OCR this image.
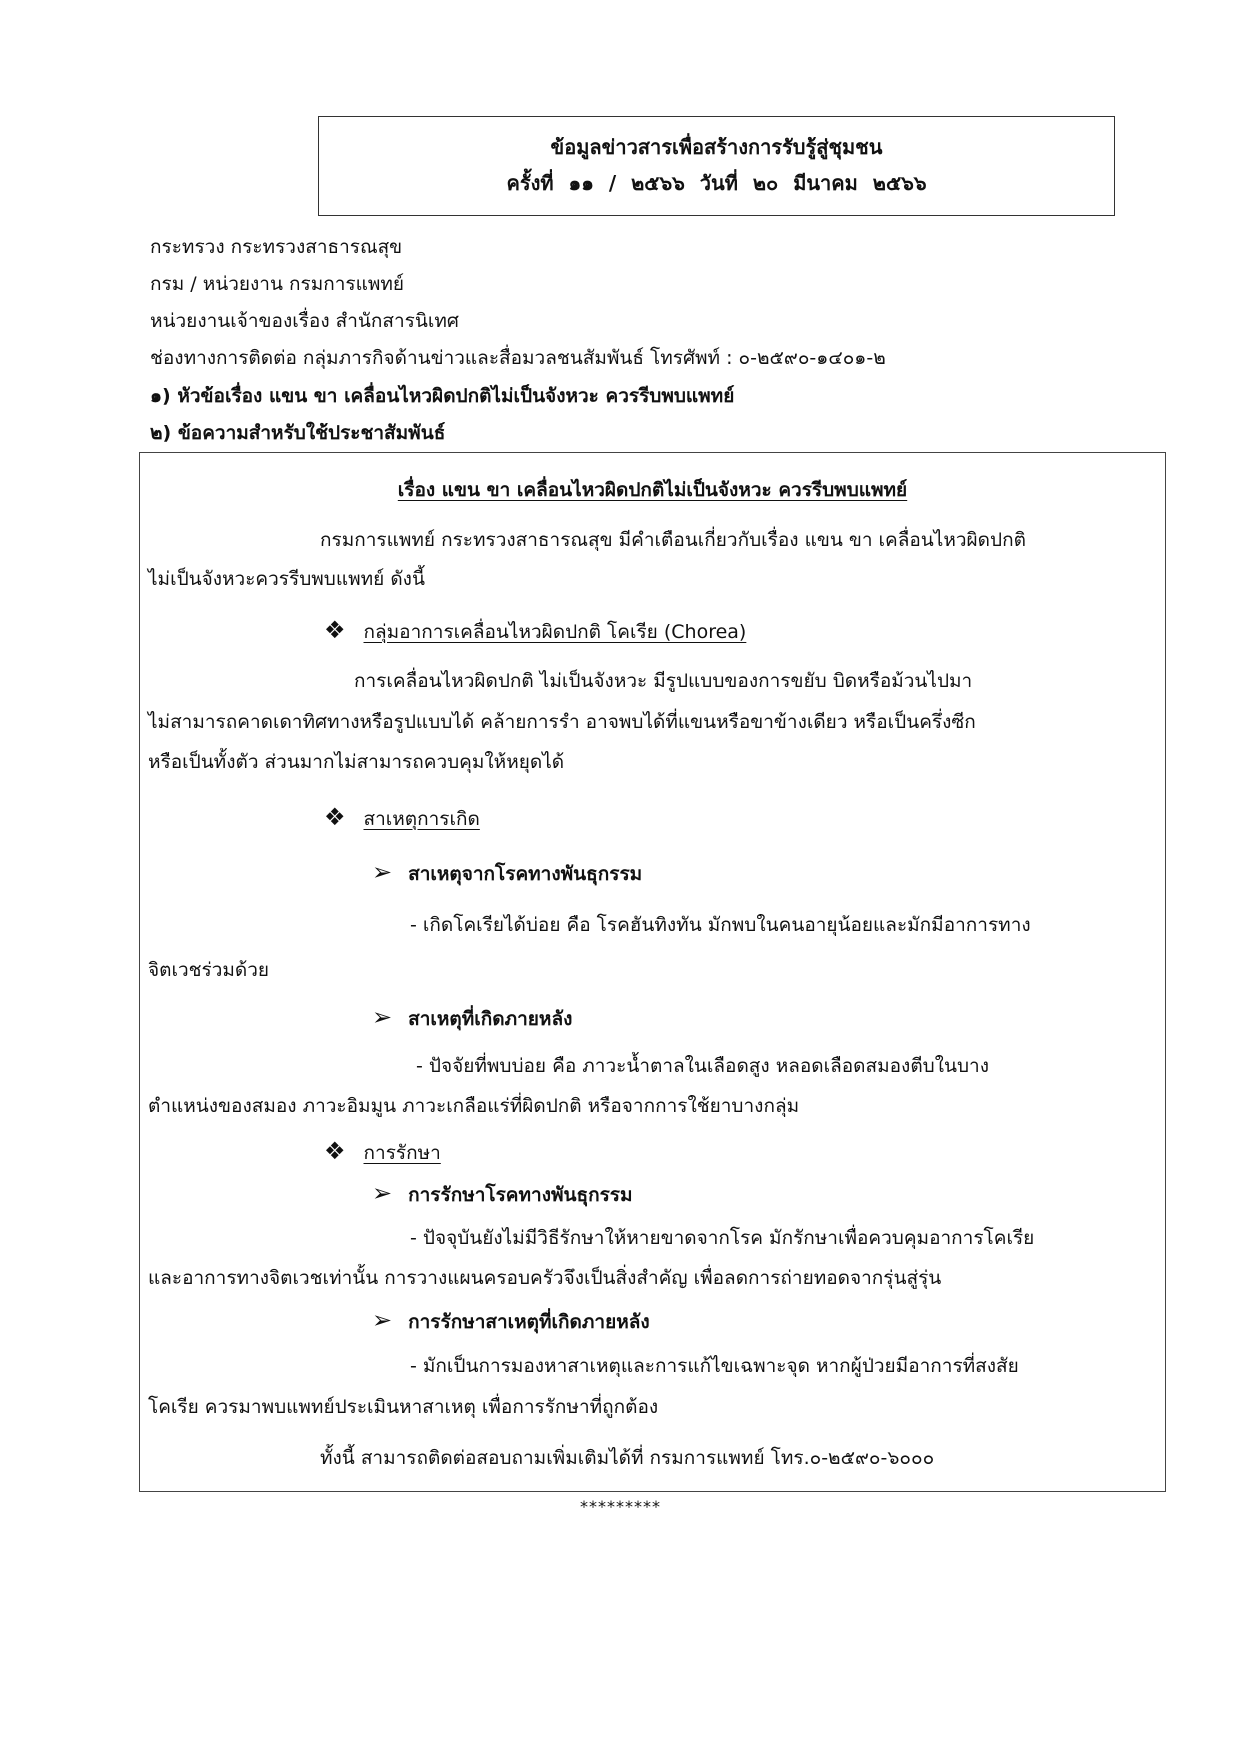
ข้อมูลข่าวสารเพื่อสร้างการรับรู้สู่ชุมชน
ครั้งที่ ๑๑ / ๒๕๖๖ วันที่ ๒๐ มีนาคม ๒๕๖๖
กระทรวง กระทรวงสาธารณสุข
กรม / หน่วยงาน กรมการแพทย์
หน่วยงานเจ้าของเรื่อง สำนักสารนิเทศ
ช่องทางการติดต่อ กลุ่มภารกิจด้านข่าวและสื่อมวลชนสัมพันธ์ โทรศัพท์ : ๐-๒๕๙๐-๑๔๐๑-๒
๑) หัวข้อเรื่อง แขน ขา เคลื่อนไหวผิดปกติไม่เป็นจังหวะ ควรรีบพบแพทย์
๒) ข้อความสำหรับใช้ประชาสัมพันธ์
เรื่อง แขน ขา เคลื่อนไหวผิดปกติไม่เป็นจังหวะ ควรรีบพบแพทย์
กรมการแพทย์ กระทรวงสาธารณสุข มีคำเตือนเกี่ยวกับเรื่อง แขน ขา เคลื่อนไหวผิดปกติ
ไม่เป็นจังหวะควรรีบพบแพทย์ ดังนี้
❖ กลุ่มอาการเคลื่อนไหวผิดปกติ โคเรีย (Chorea)
การเคลื่อนไหวผิดปกติ ไม่เป็นจังหวะ มีรูปแบบของการขยับ บิดหรือม้วนไปมา
ไม่สามารถคาดเดาทิศทางหรือรูปแบบได้ คล้ายการรำ อาจพบได้ที่แขนหรือขาข้างเดียว หรือเป็นครึ่งซีก
หรือเป็นทั้งตัว ส่วนมากไม่สามารถควบคุมให้หยุดได้
❖ สาเหตุการเกิด
➢ สาเหตุจากโรคทางพันธุกรรม
- เกิดโคเรียได้บ่อย คือ โรคฮันทิงทัน มักพบในคนอายุน้อยและมักมีอาการทาง
จิตเวชร่วมด้วย
➢ สาเหตุที่เกิดภายหลัง
- ปัจจัยที่พบบ่อย คือ ภาวะน้ำตาลในเลือดสูง หลอดเลือดสมองตีบในบาง
ตำแหน่งของสมอง ภาวะอิมมูน ภาวะเกลือแร่ที่ผิดปกติ หรือจากการใช้ยาบางกลุ่ม
❖ การรักษา
➢ การรักษาโรคทางพันธุกรรม
- ปัจจุบันยังไม่มีวิธีรักษาให้หายขาดจากโรค มักรักษาเพื่อควบคุมอาการโคเรีย
และอาการทางจิตเวชเท่านั้น การวางแผนครอบครัวจึงเป็นสิ่งสำคัญ เพื่อลดการถ่ายทอดจากรุ่นสู่รุ่น
➢ การรักษาสาเหตุที่เกิดภายหลัง
- มักเป็นการมองหาสาเหตุและการแก้ไขเฉพาะจุด หากผู้ป่วยมีอาการที่สงสัย
โคเรีย ควรมาพบแพทย์ประเมินหาสาเหตุ เพื่อการรักษาที่ถูกต้อง
ทั้งนี้ สามารถติดต่อสอบถามเพิ่มเติมได้ที่ กรมการแพทย์ โทร.๐-๒๕๙๐-๖๐๐๐
*********
